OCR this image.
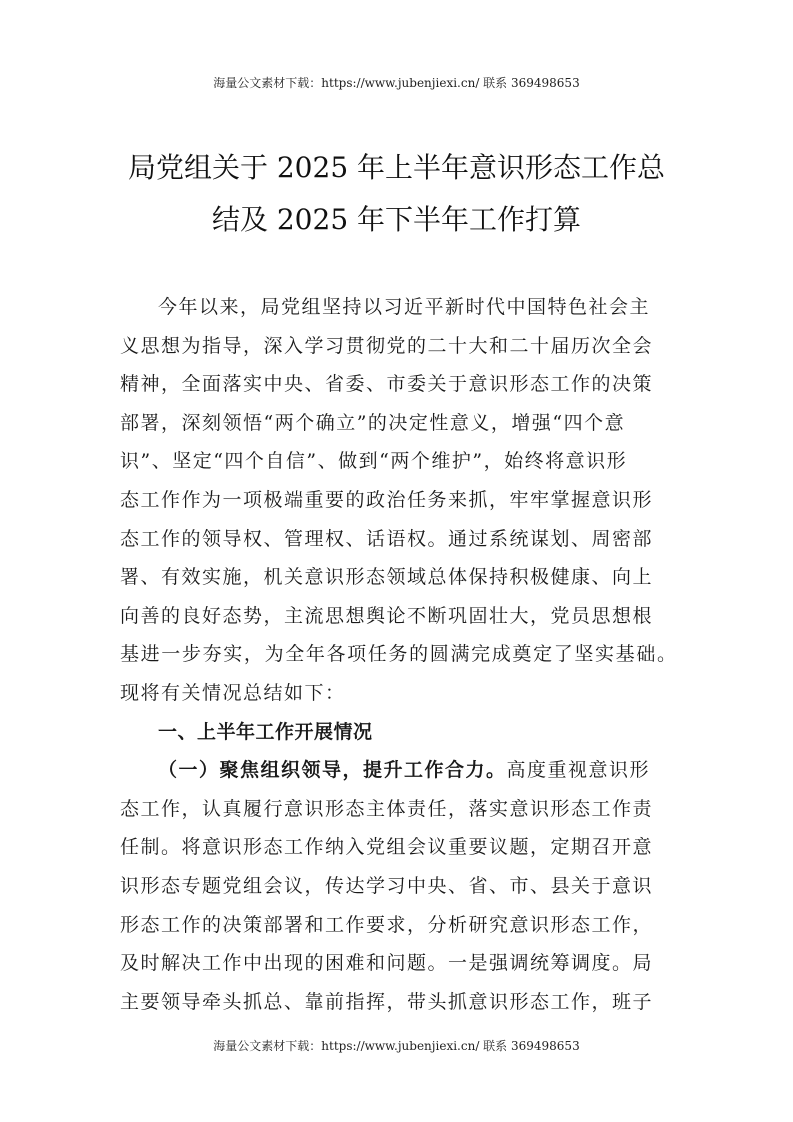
海量公文素材下载：https://www.jubenjiexi.cn/ 联系 369498653
局党组关于 2025 年上半年意识形态工作总
结及 2025 年下半年工作打算
今年以来，局党组坚持以习近平新时代中国特色社会主
义思想为指导，深入学习贯彻党的二十大和二十届历次全会
精神，全面落实中央、省委、市委关于意识形态工作的决策
部署，深刻领悟“两个确立”的决定性意义，增强“四个意
识”、坚定“四个自信”、做到“两个维护”，始终将意识形
态工作作为一项极端重要的政治任务来抓，牢牢掌握意识形
态工作的领导权、管理权、话语权。通过系统谋划、周密部
署、有效实施，机关意识形态领域总体保持积极健康、向上
向善的良好态势，主流思想舆论不断巩固壮大，党员思想根
基进一步夯实，为全年各项任务的圆满完成奠定了坚实基础。
现将有关情况总结如下：
一、上半年工作开展情况
（一）聚焦组织领导，提升工作合力。高度重视意识形
态工作，认真履行意识形态主体责任，落实意识形态工作责
任制。将意识形态工作纳入党组会议重要议题，定期召开意
识形态专题党组会议，传达学习中央、省、市、县关于意识
形态工作的决策部署和工作要求，分析研究意识形态工作，
及时解决工作中出现的困难和问题。一是强调统筹调度。局
主要领导牵头抓总、靠前指挥，带头抓意识形态工作，班子
海量公文素材下载：https://www.jubenjiexi.cn/ 联系 369498653
